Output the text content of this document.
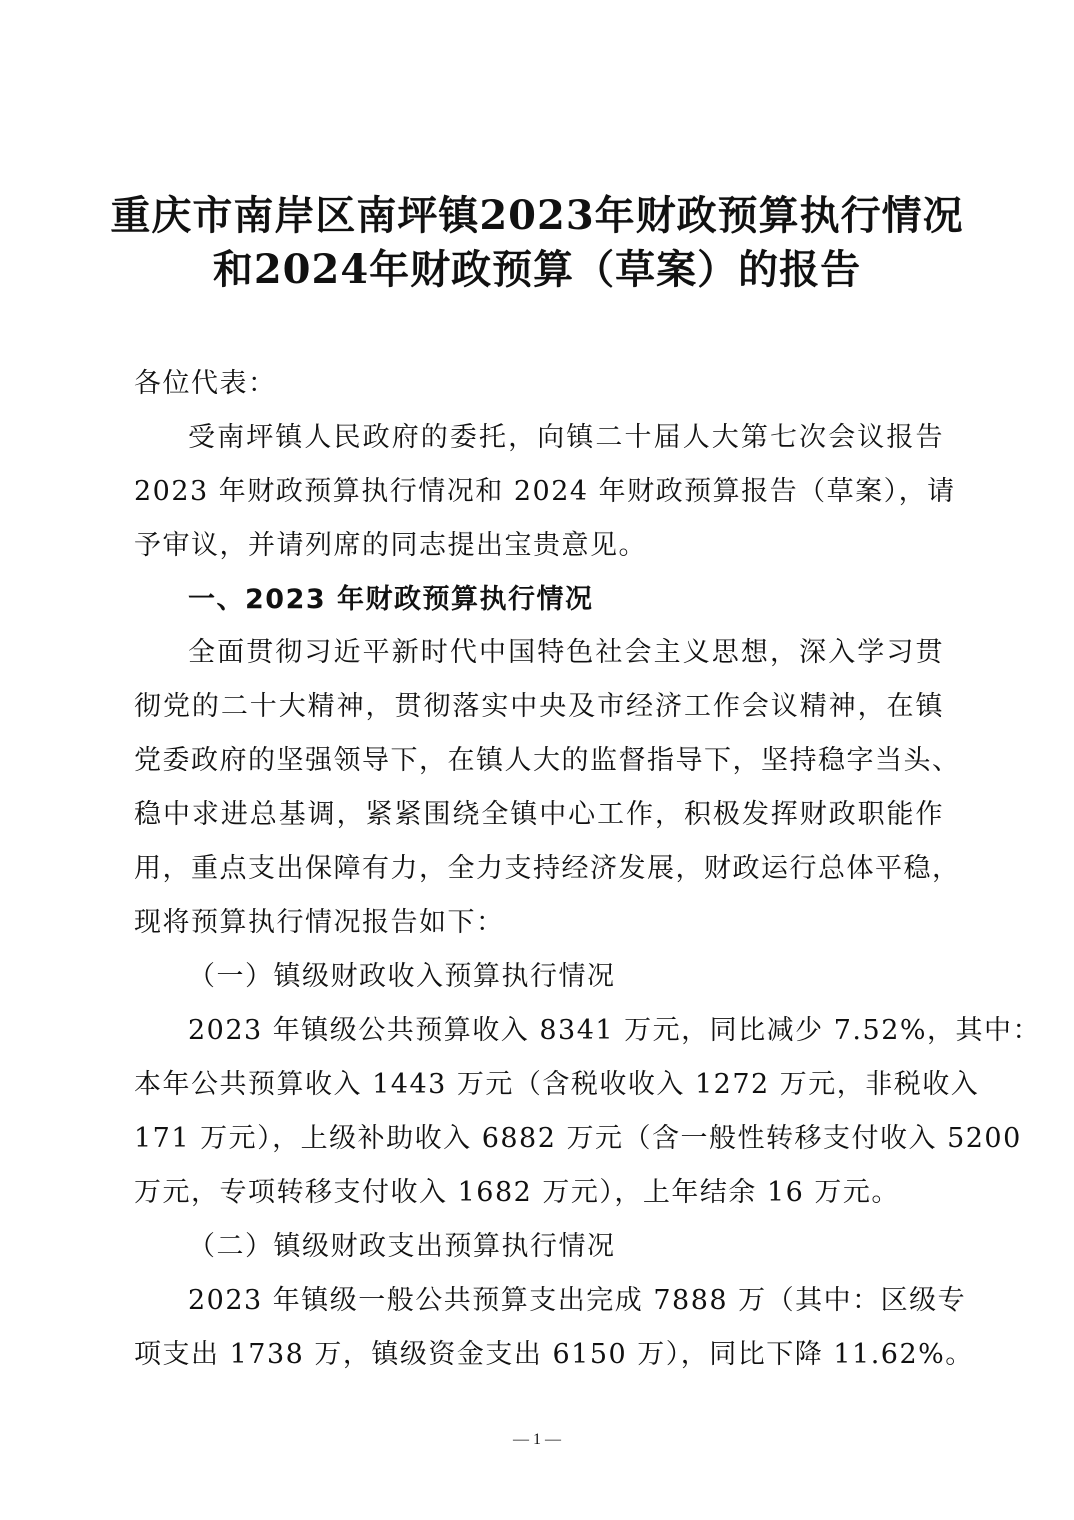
重庆市南岸区南坪镇2023年财政预算执行情况
和2024年财政预算（草案）的报告
各位代表：
受南坪镇人民政府的委托，向镇二十届人大第七次会议报告
2023 年财政预算执行情况和 2024 年财政预算报告（草案），请
予审议，并请列席的同志提出宝贵意见。
一、2023 年财政预算执行情况
全面贯彻习近平新时代中国特色社会主义思想，深入学习贯
彻党的二十大精神，贯彻落实中央及市经济工作会议精神，在镇
党委政府的坚强领导下，在镇人大的监督指导下，坚持稳字当头、
稳中求进总基调，紧紧围绕全镇中心工作，积极发挥财政职能作
用，重点支出保障有力，全力支持经济发展，财政运行总体平稳，
现将预算执行情况报告如下：
（一）镇级财政收入预算执行情况
2023 年镇级公共预算收入 8341 万元，同比减少 7.52%，其中：
本年公共预算收入 1443 万元（含税收收入 1272 万元，非税收入
171 万元），上级补助收入 6882 万元（含一般性转移支付收入 5200
万元，专项转移支付收入 1682 万元），上年结余 16 万元。
（二）镇级财政支出预算执行情况
2023 年镇级一般公共预算支出完成 7888 万（其中：区级专
项支出 1738 万，镇级资金支出 6150 万），同比下降 11.62%。
— 1 —
